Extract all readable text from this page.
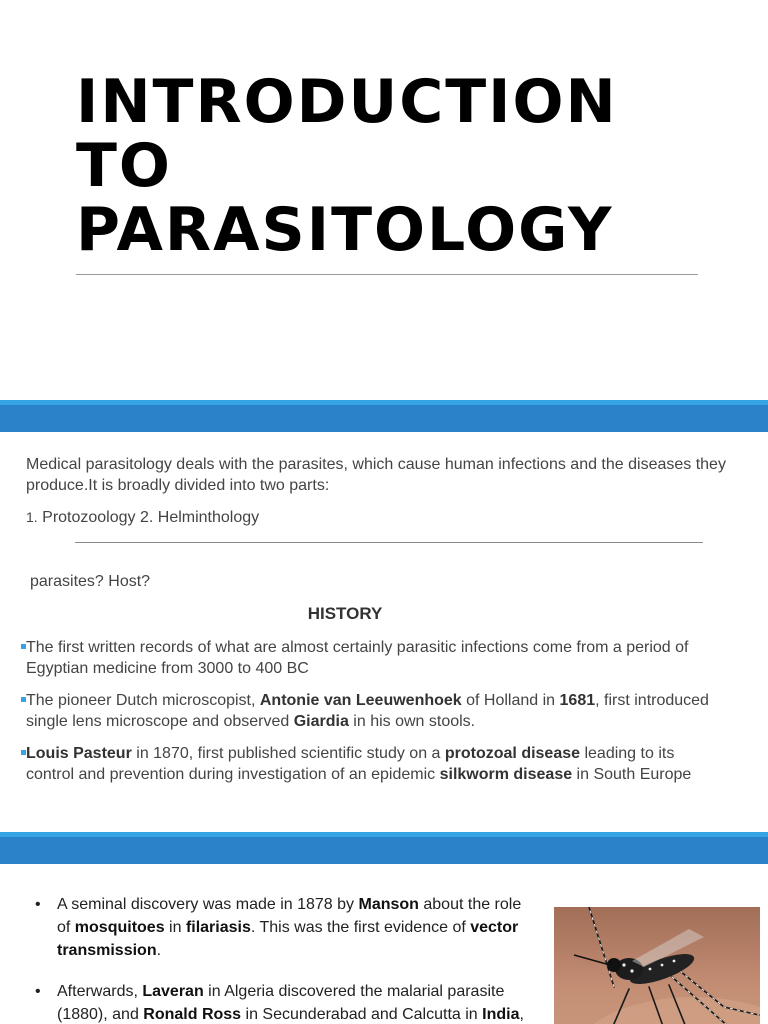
INTRODUCTION
TO
PARASITOLOGY

Medical parasitology deals with the parasites, which cause human infections and the diseases they produce.It is broadly divided into two parts:

1. Protozoology 2. Helminthology

parasites? Host?

HISTORY

The first written records of what are almost certainly parasitic infections come from a period of Egyptian medicine from 3000 to 400 BC

The pioneer Dutch microscopist, Antonie van Leeuwenhoek of Holland in 1681, first introduced single lens microscope and observed Giardia in his own stools.

Louis Pasteur in 1870, first published scientific study on a protozoal disease leading to its control and prevention during investigation of an epidemic silkworm disease in South Europe

•	A seminal discovery was made in 1878 by Manson about the role of mosquitoes in filariasis. This was the first evidence of vector transmission.
•	Afterwards, Laveran in Algeria discovered the malarial parasite (1880), and Ronald Ross in Secunderabad and Calcutta in India,
